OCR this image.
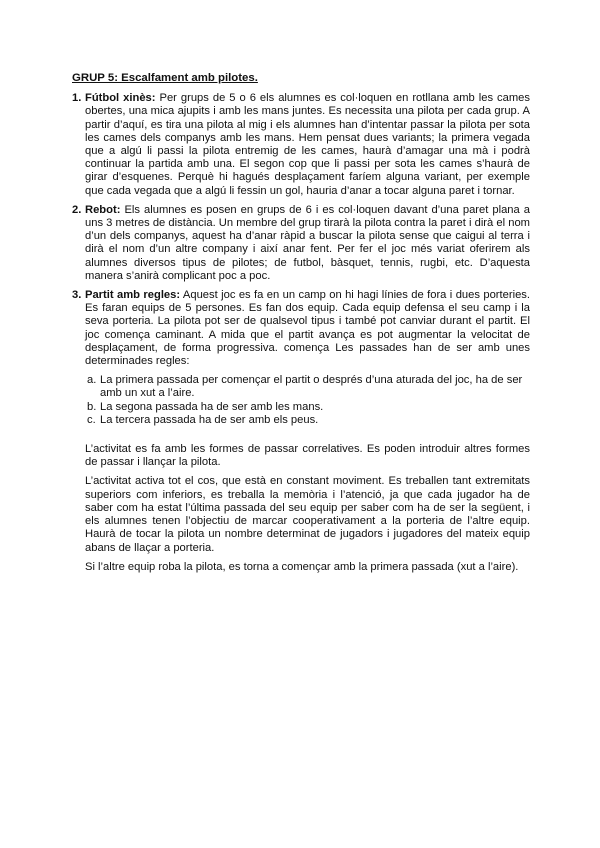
GRUP 5: Escalfament amb pilotes.
1. Fútbol xinès: Per grups de 5 o 6 els alumnes es col·loquen en rotllana amb les cames obertes, una mica ajupits i amb les mans juntes. Es necessita una pilota per cada grup. A partir d’aquí, es tira una pilota al mig i els alumnes han d’intentar passar la pilota per sota les cames dels companys amb les mans. Hem pensat dues variants; la primera vegada que a algú li passi la pilota entremig de les cames, haurà d’amagar una mà i podrà continuar la partida amb una. El segon cop que li passi per sota les cames s’haurà de girar d’esquenes. Perquè hi hagués desplaçament faríem alguna variant, per exemple que cada vegada que a algú li fessin un gol, hauria d’anar a tocar alguna paret i tornar.
2. Rebot: Els alumnes es posen en grups de 6 i es col·loquen davant d’una paret plana a uns 3 metres de distància. Un membre del grup tirarà la pilota contra la paret i dirà el nom d’un dels companys, aquest ha d’anar ràpid a buscar la pilota sense que caigui al terra i dirà el nom d’un altre company i així anar fent. Per fer el joc més variat oferirem als alumnes diversos tipus de pilotes; de futbol, bàsquet, tennis, rugbi, etc. D’aquesta manera s’anirà complicant poc a poc.
3. Partit amb regles: Aquest joc es fa en un camp on hi hagi línies de fora i dues porteries. Es faran equips de 5 persones. Es fan dos equip. Cada equip defensa el seu camp i la seva porteria. La pilota pot ser de qualsevol tipus i també pot canviar durant el partit. El joc comença caminant. A mida que el partit avança es pot augmentar la velocitat de desplaçament, de forma progressiva. comença Les passades han de ser amb unes determinades regles:
a. La primera passada per començar el partit o després d’una aturada del joc, ha de ser amb un xut a l’aire.
b. La segona passada ha de ser amb les mans.
c. La tercera passada ha de ser amb els peus.

L’activitat es fa amb les formes de passar correlatives. Es poden introduir altres formes de passar i llançar la pilota.

L’activitat activa tot el cos, que està en constant moviment. Es treballen tant extremitats superiors com inferiors, es treballa la memòria i l’atenció, ja que cada jugador ha de saber com ha estat l’última passada del seu equip per saber com ha de ser la següent, i els alumnes tenen l’objectiu de marcar cooperativament a la porteria de l’altre equip. Haurà de tocar la pilota un nombre determinat de jugadors i jugadores del mateix equip abans de llaçar a porteria.

Si l’altre equip roba la pilota, es torna a començar amb la primera passada (xut a l’aire).
